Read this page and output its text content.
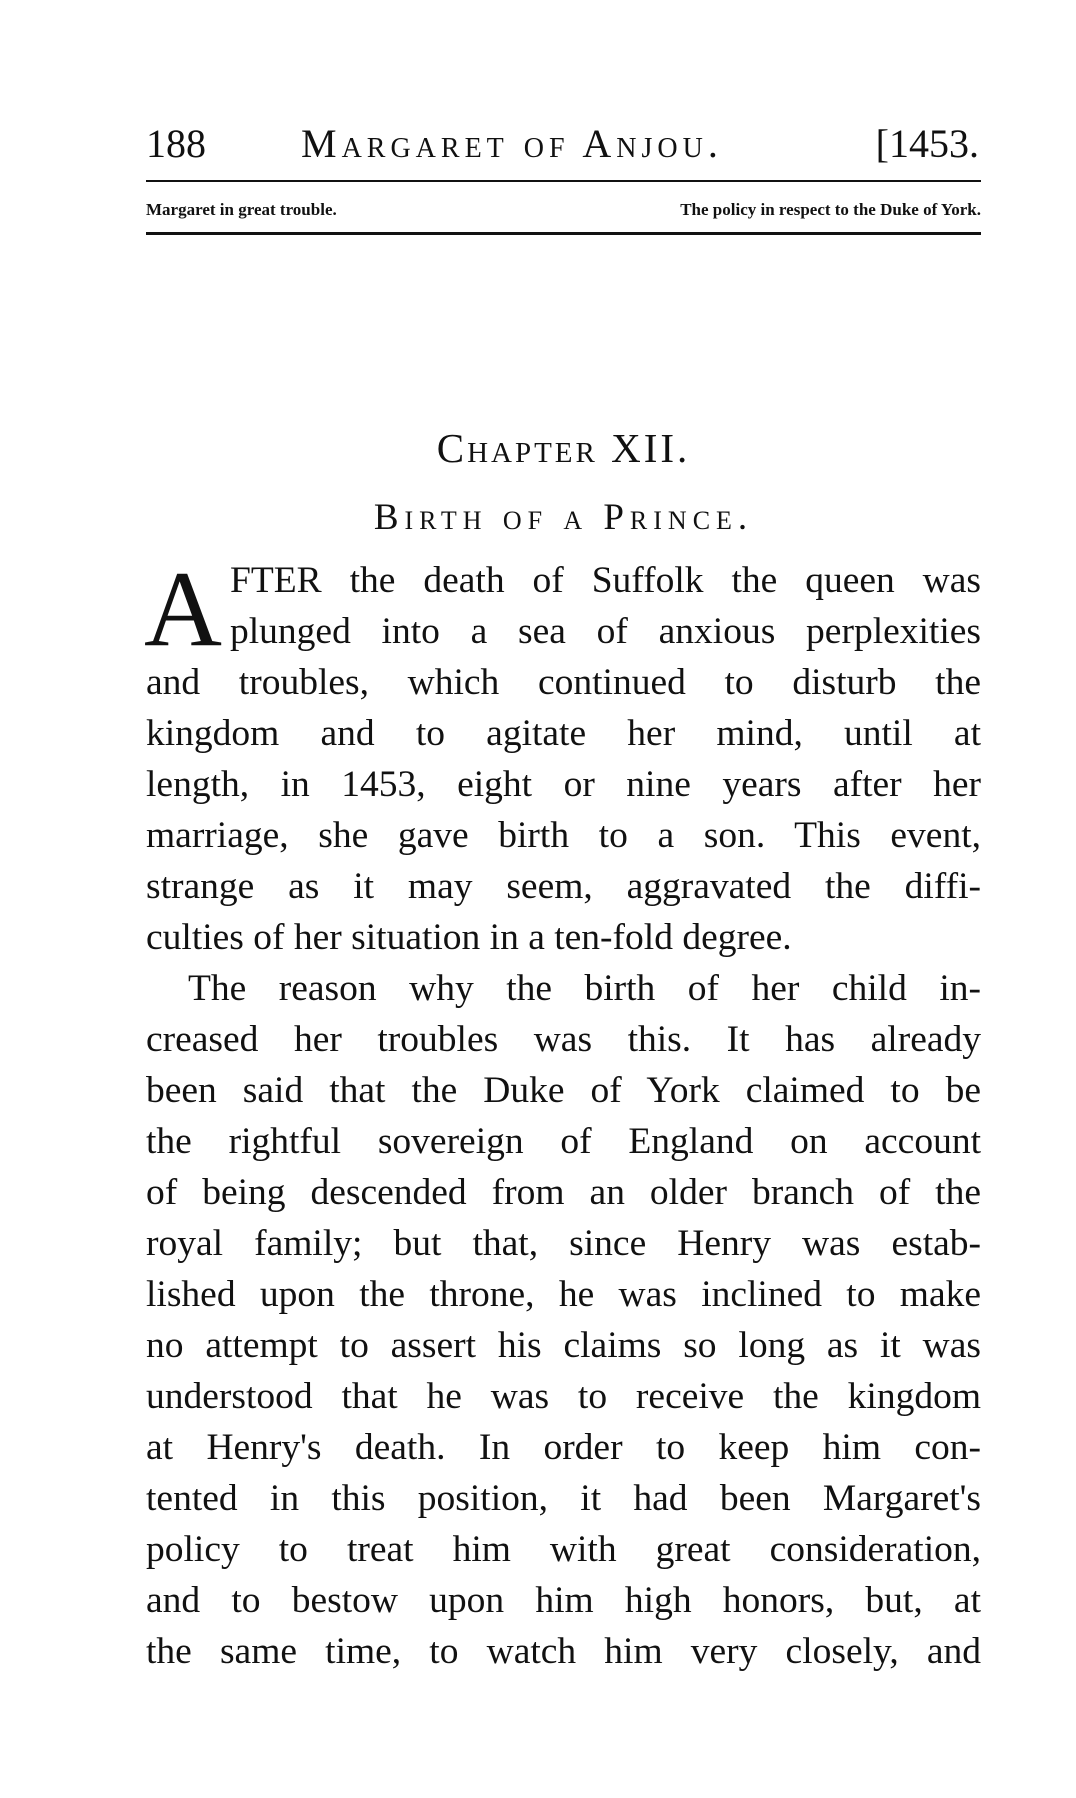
188 Margaret of Anjou.	[1453.
Margaret in great trouble.	The policy in respect to the Duke of York.
Chapter XII.
Birth of a Prince.
A FTER the death of Suffolk the queen was
plunged into a sea of anxious perplexities
and troubles, which continued to disturb the
kingdom and to agitate her mind, until at
length, in 1453, eight or nine years after her
marriage, she gave birth to a son. This event,
strange as it may seem, aggravated the diffi-
culties of her situation in a ten-fold degree.
The reason why the birth of her child in-
creased her troubles was this. It has already
been said that the Duke of York claimed to be
the rightful sovereign of England on account
of being descended from an older branch of the
royal family; but that, since Henry was estab-
lished upon the throne, he was inclined to make
no attempt to assert his claims so long as it was
understood that he was to receive the kingdom
at Henry's death. In order to keep him con-
tented in this position, it had been Margaret's
policy to treat him with great consideration,
and to bestow upon him high honors, but, at
the same time, to watch him very closely, and
